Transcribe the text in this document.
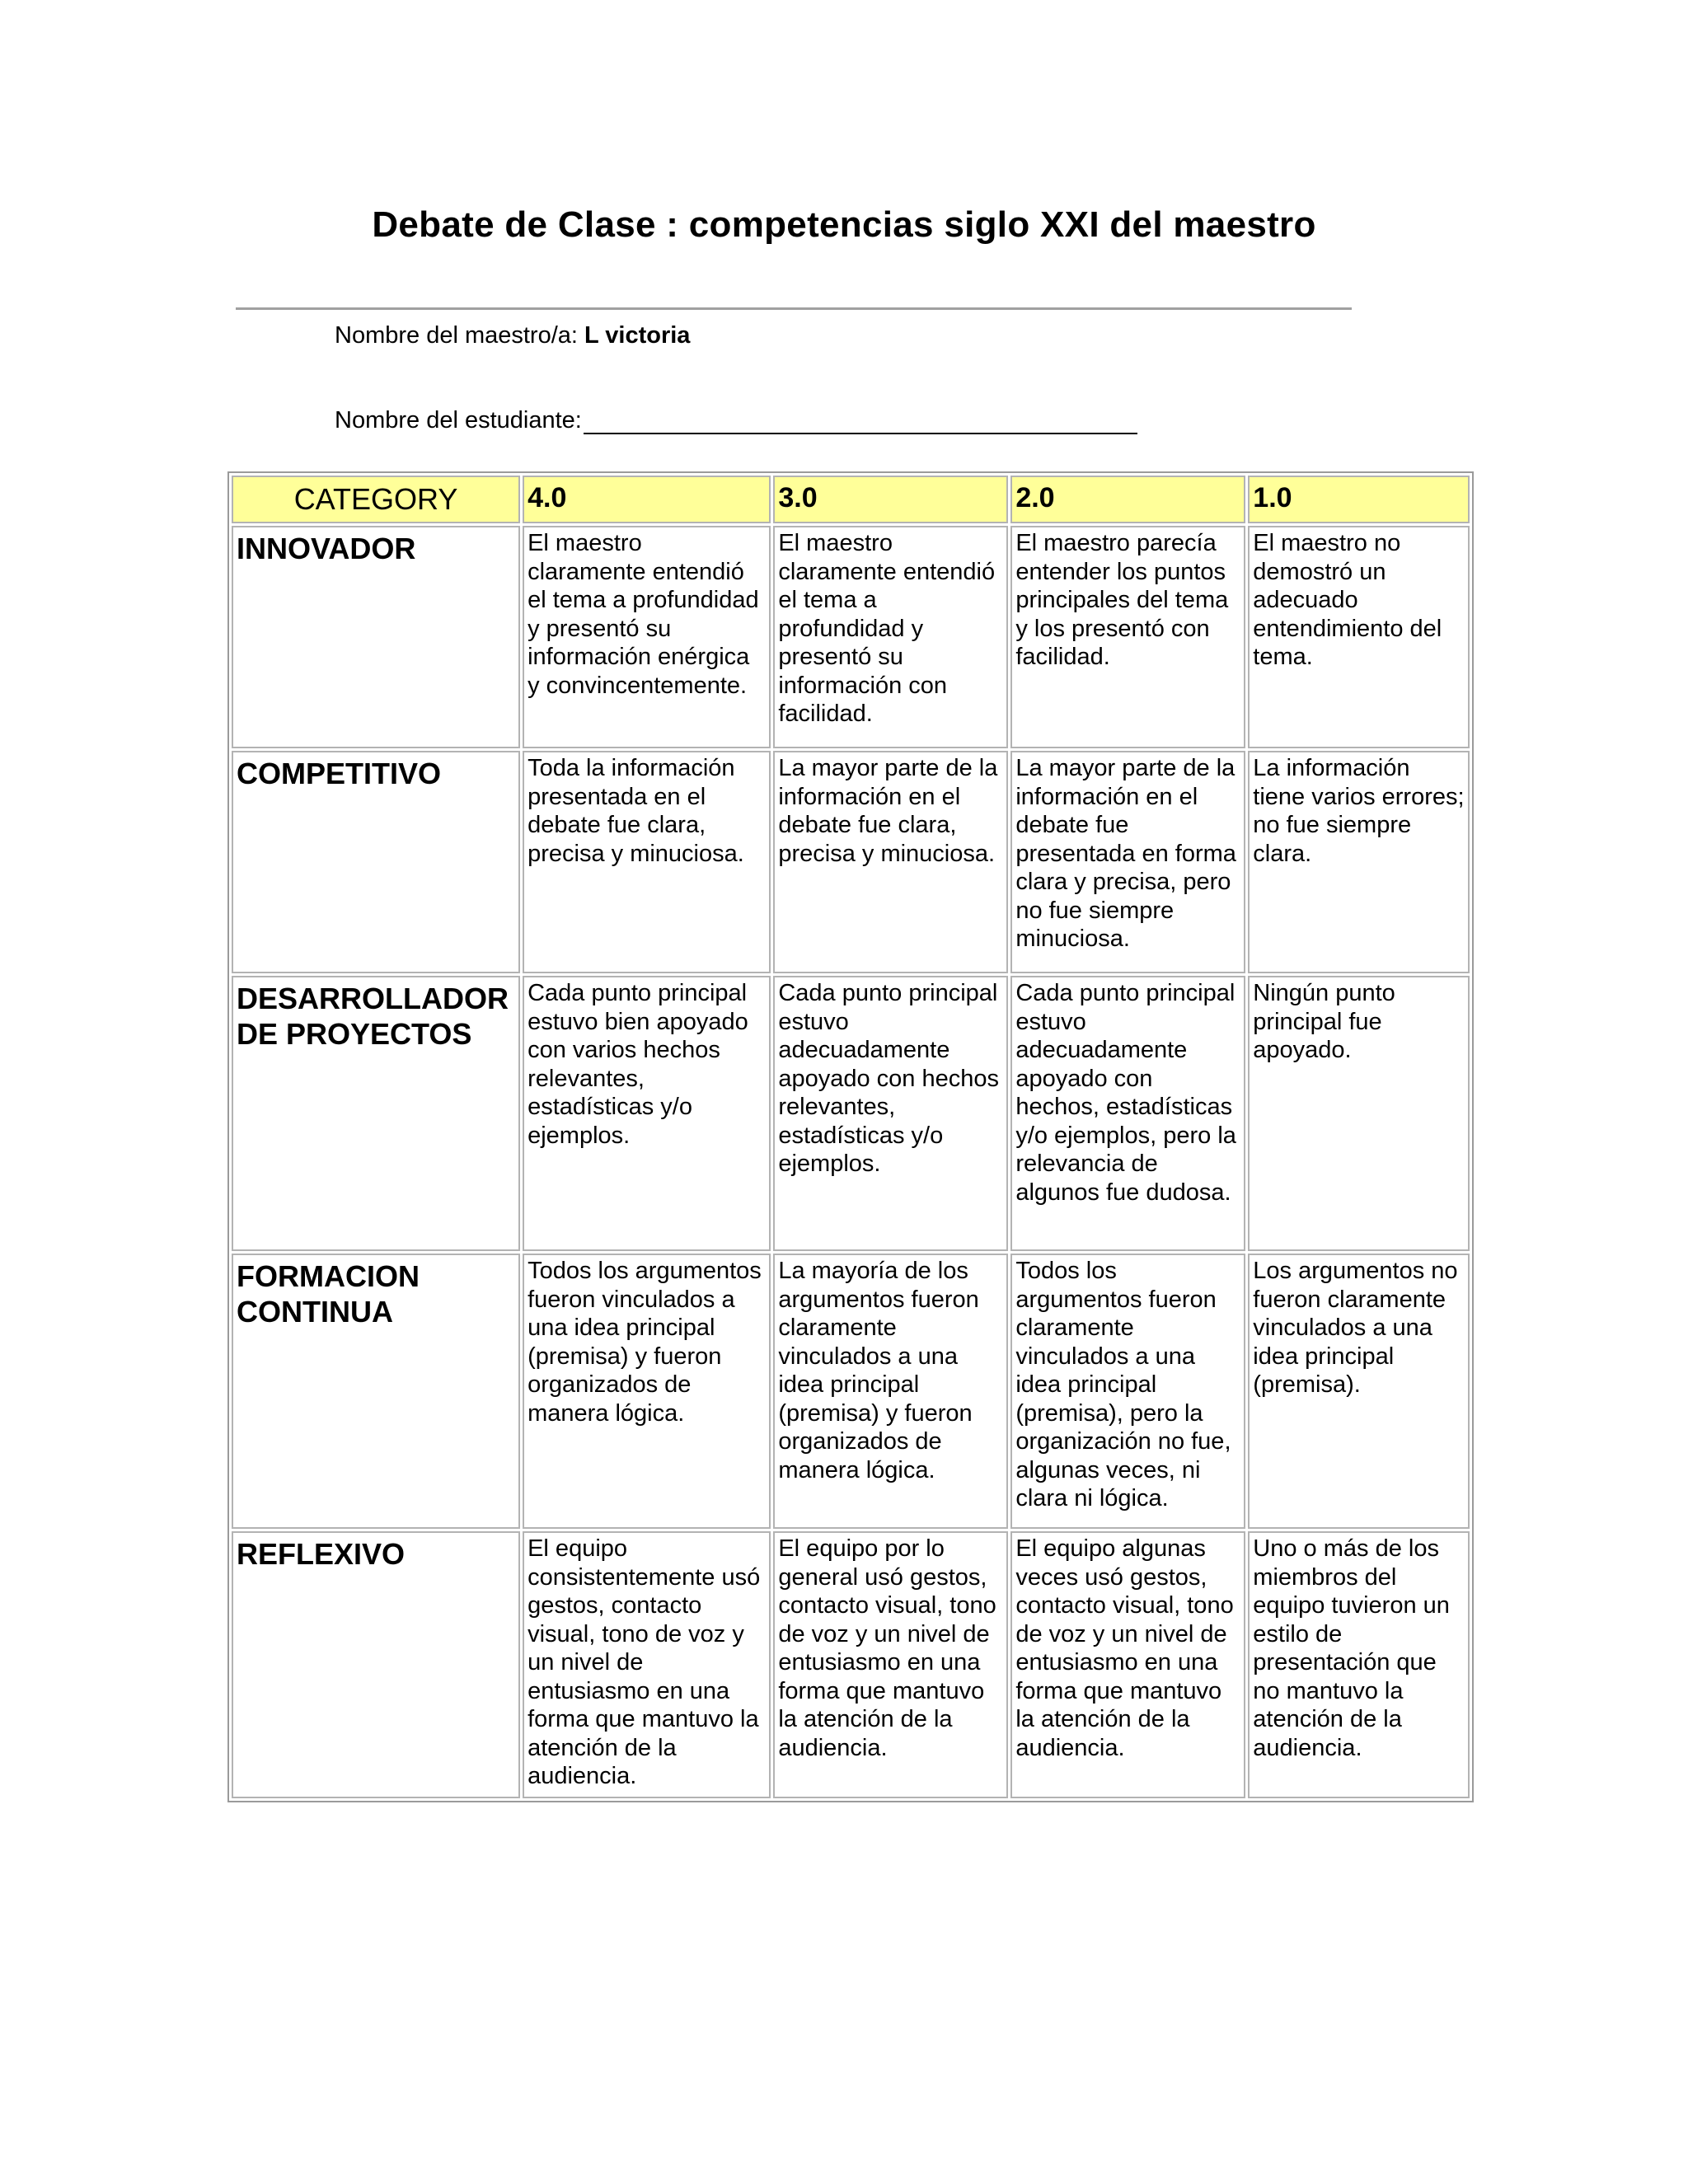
Debate de Clase : competencias siglo XXI del maestro
Nombre del maestro/a: L victoria
Nombre del estudiante:
CATEGORY	4.0	3.0	2.0	1.0
INNOVADOR	El maestro claramente entendió el tema a profundidad y presentó su información enérgica y convincentemente.	El maestro claramente entendió el tema a profundidad y presentó su información con facilidad.	El maestro parecía entender los puntos principales del tema y los presentó con facilidad.	El maestro no demostró un adecuado entendimiento del tema.
COMPETITIVO	Toda la información presentada en el debate fue clara, precisa y minuciosa.	La mayor parte de la información en el debate fue clara, precisa y minuciosa.	La mayor parte de la información en el debate fue presentada en forma clara y precisa, pero no fue siempre minuciosa.	La información tiene varios errores; no fue siempre clara.
DESARROLLADOR DE PROYECTOS	Cada punto principal estuvo bien apoyado con varios hechos relevantes, estadísticas y/o ejemplos.	Cada punto principal estuvo adecuadamente apoyado con hechos relevantes, estadísticas y/o ejemplos.	Cada punto principal estuvo adecuadamente apoyado con hechos, estadísticas y/o ejemplos, pero la relevancia de algunos fue dudosa.	Ningún punto principal fue apoyado.
FORMACION CONTINUA	Todos los argumentos fueron vinculados a una idea principal (premisa) y fueron organizados de manera lógica.	La mayoría de los argumentos fueron claramente vinculados a una idea principal (premisa) y fueron organizados de manera lógica.	Todos los argumentos fueron claramente vinculados a una idea principal (premisa), pero la organización no fue, algunas veces, ni clara ni lógica.	Los argumentos no fueron claramente vinculados a una idea principal (premisa).
REFLEXIVO	El equipo consistentemente usó gestos, contacto visual, tono de voz y un nivel de entusiasmo en una forma que mantuvo la atención de la audiencia.	El equipo por lo general usó gestos, contacto visual, tono de voz y un nivel de entusiasmo en una forma que mantuvo la atención de la audiencia.	El equipo algunas veces usó gestos, contacto visual, tono de voz y un nivel de entusiasmo en una forma que mantuvo la atención de la audiencia.	Uno o más de los miembros del equipo tuvieron un estilo de presentación que no mantuvo la atención de la audiencia.
